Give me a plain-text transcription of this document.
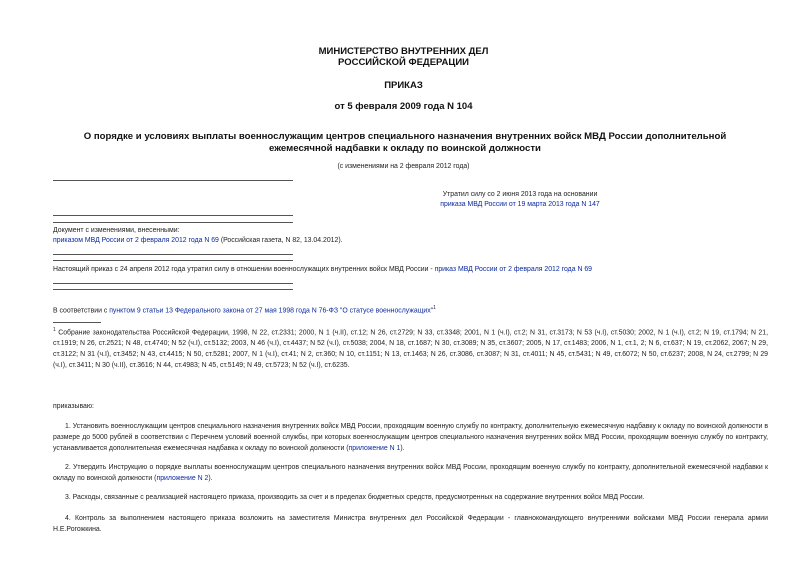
МИНИСТЕРСТВО ВНУТРЕННИХ ДЕЛ
РОССИЙСКОЙ ФЕДЕРАЦИИ
ПРИКАЗ
от 5 февраля 2009 года N 104
О порядке и условиях выплаты военнослужащим центров специального назначения внутренних войск МВД России дополнительной ежемесячной надбавки к окладу по воинской должности
(с изменениями на 2 февраля 2012 года)
Утратил силу со 2 июня 2013 года на основании
приказа МВД России от 19 марта 2013 года N 147
Документ с изменениями, внесенными:
приказом МВД России от 2 февраля 2012 года N 69 (Российская газета, N 82, 13.04.2012).
Настоящий приказ с 24 апреля 2012 года утратил силу в отношении военнослужащих внутренних войск МВД России - приказ МВД России от 2 февраля 2012 года N 69
В соответствии с пунктом 9 статьи 13 Федерального закона от 27 мая 1998 года N 76-ФЗ "О статусе военнослужащих"$^1$
$^1$ Собрание законодательства Российской Федерации, 1998, N 22, ст.2331; 2000, N 1 (ч.II), ст.12; N 26, ст.2729; N 33, ст.3348; 2001, N 1 (ч.I), ст.2; N 31, ст.3173; N 53 (ч.I), ст.5030; 2002, N 1 (ч.I), ст.2; N 19, ст.1794; N 21, ст.1919; N 26, ст.2521; N 48, ст.4740; N 52 (ч.I), ст.5132; 2003, N 46 (ч.I), ст.4437; N 52 (ч.I), ст.5038; 2004, N 18, ст.1687; N 30, ст.3089; N 35, ст.3607; 2005, N 17, ст.1483; 2006, N 1, ст.1, 2; N 6, ст.637; N 19, ст.2062, 2067; N 29, ст.3122; N 31 (ч.I), ст.3452; N 43, ст.4415; N 50, ст.5281; 2007, N 1 (ч.I), ст.41; N 2, ст.360; N 10, ст.1151; N 13, ст.1463; N 26, ст.3086, ст.3087; N 31, ст.4011; N 45, ст.5431; N 49, ст.6072; N 50, ст.6237; 2008, N 24, ст.2799; N 29 (ч.I), ст.3411; N 30 (ч.II), ст.3616; N 44, ст.4983; N 45, ст.5149; N 49, ст.5723; N 52 (ч.I), ст.6235.
приказываю:
1. Установить военнослужащим центров специального назначения внутренних войск МВД России, проходящим военную службу по контракту, дополнительную ежемесячную надбавку к окладу по воинской должности в размере до 5000 рублей в соответствии с Перечнем условий военной службы, при которых военнослужащим центров специального назначения внутренних войск МВД России, проходящим военную службу по контракту, устанавливается дополнительная ежемесячная надбавка к окладу по воинской должности (приложение N 1).
2. Утвердить Инструкцию о порядке выплаты военнослужащим центров специального назначения внутренних войск МВД России, проходящим военную службу по контракту, дополнительной ежемесячной надбавки к окладу по воинской должности (приложение N 2).
3. Расходы, связанные с реализацией настоящего приказа, производить за счет и в пределах бюджетных средств, предусмотренных на содержание внутренних войск МВД России.
4. Контроль за выполнением настоящего приказа возложить на заместителя Министра внутренних дел Российской Федерации - главнокомандующего внутренними войсками МВД России генерала армии Н.Е.Рогожкина.
